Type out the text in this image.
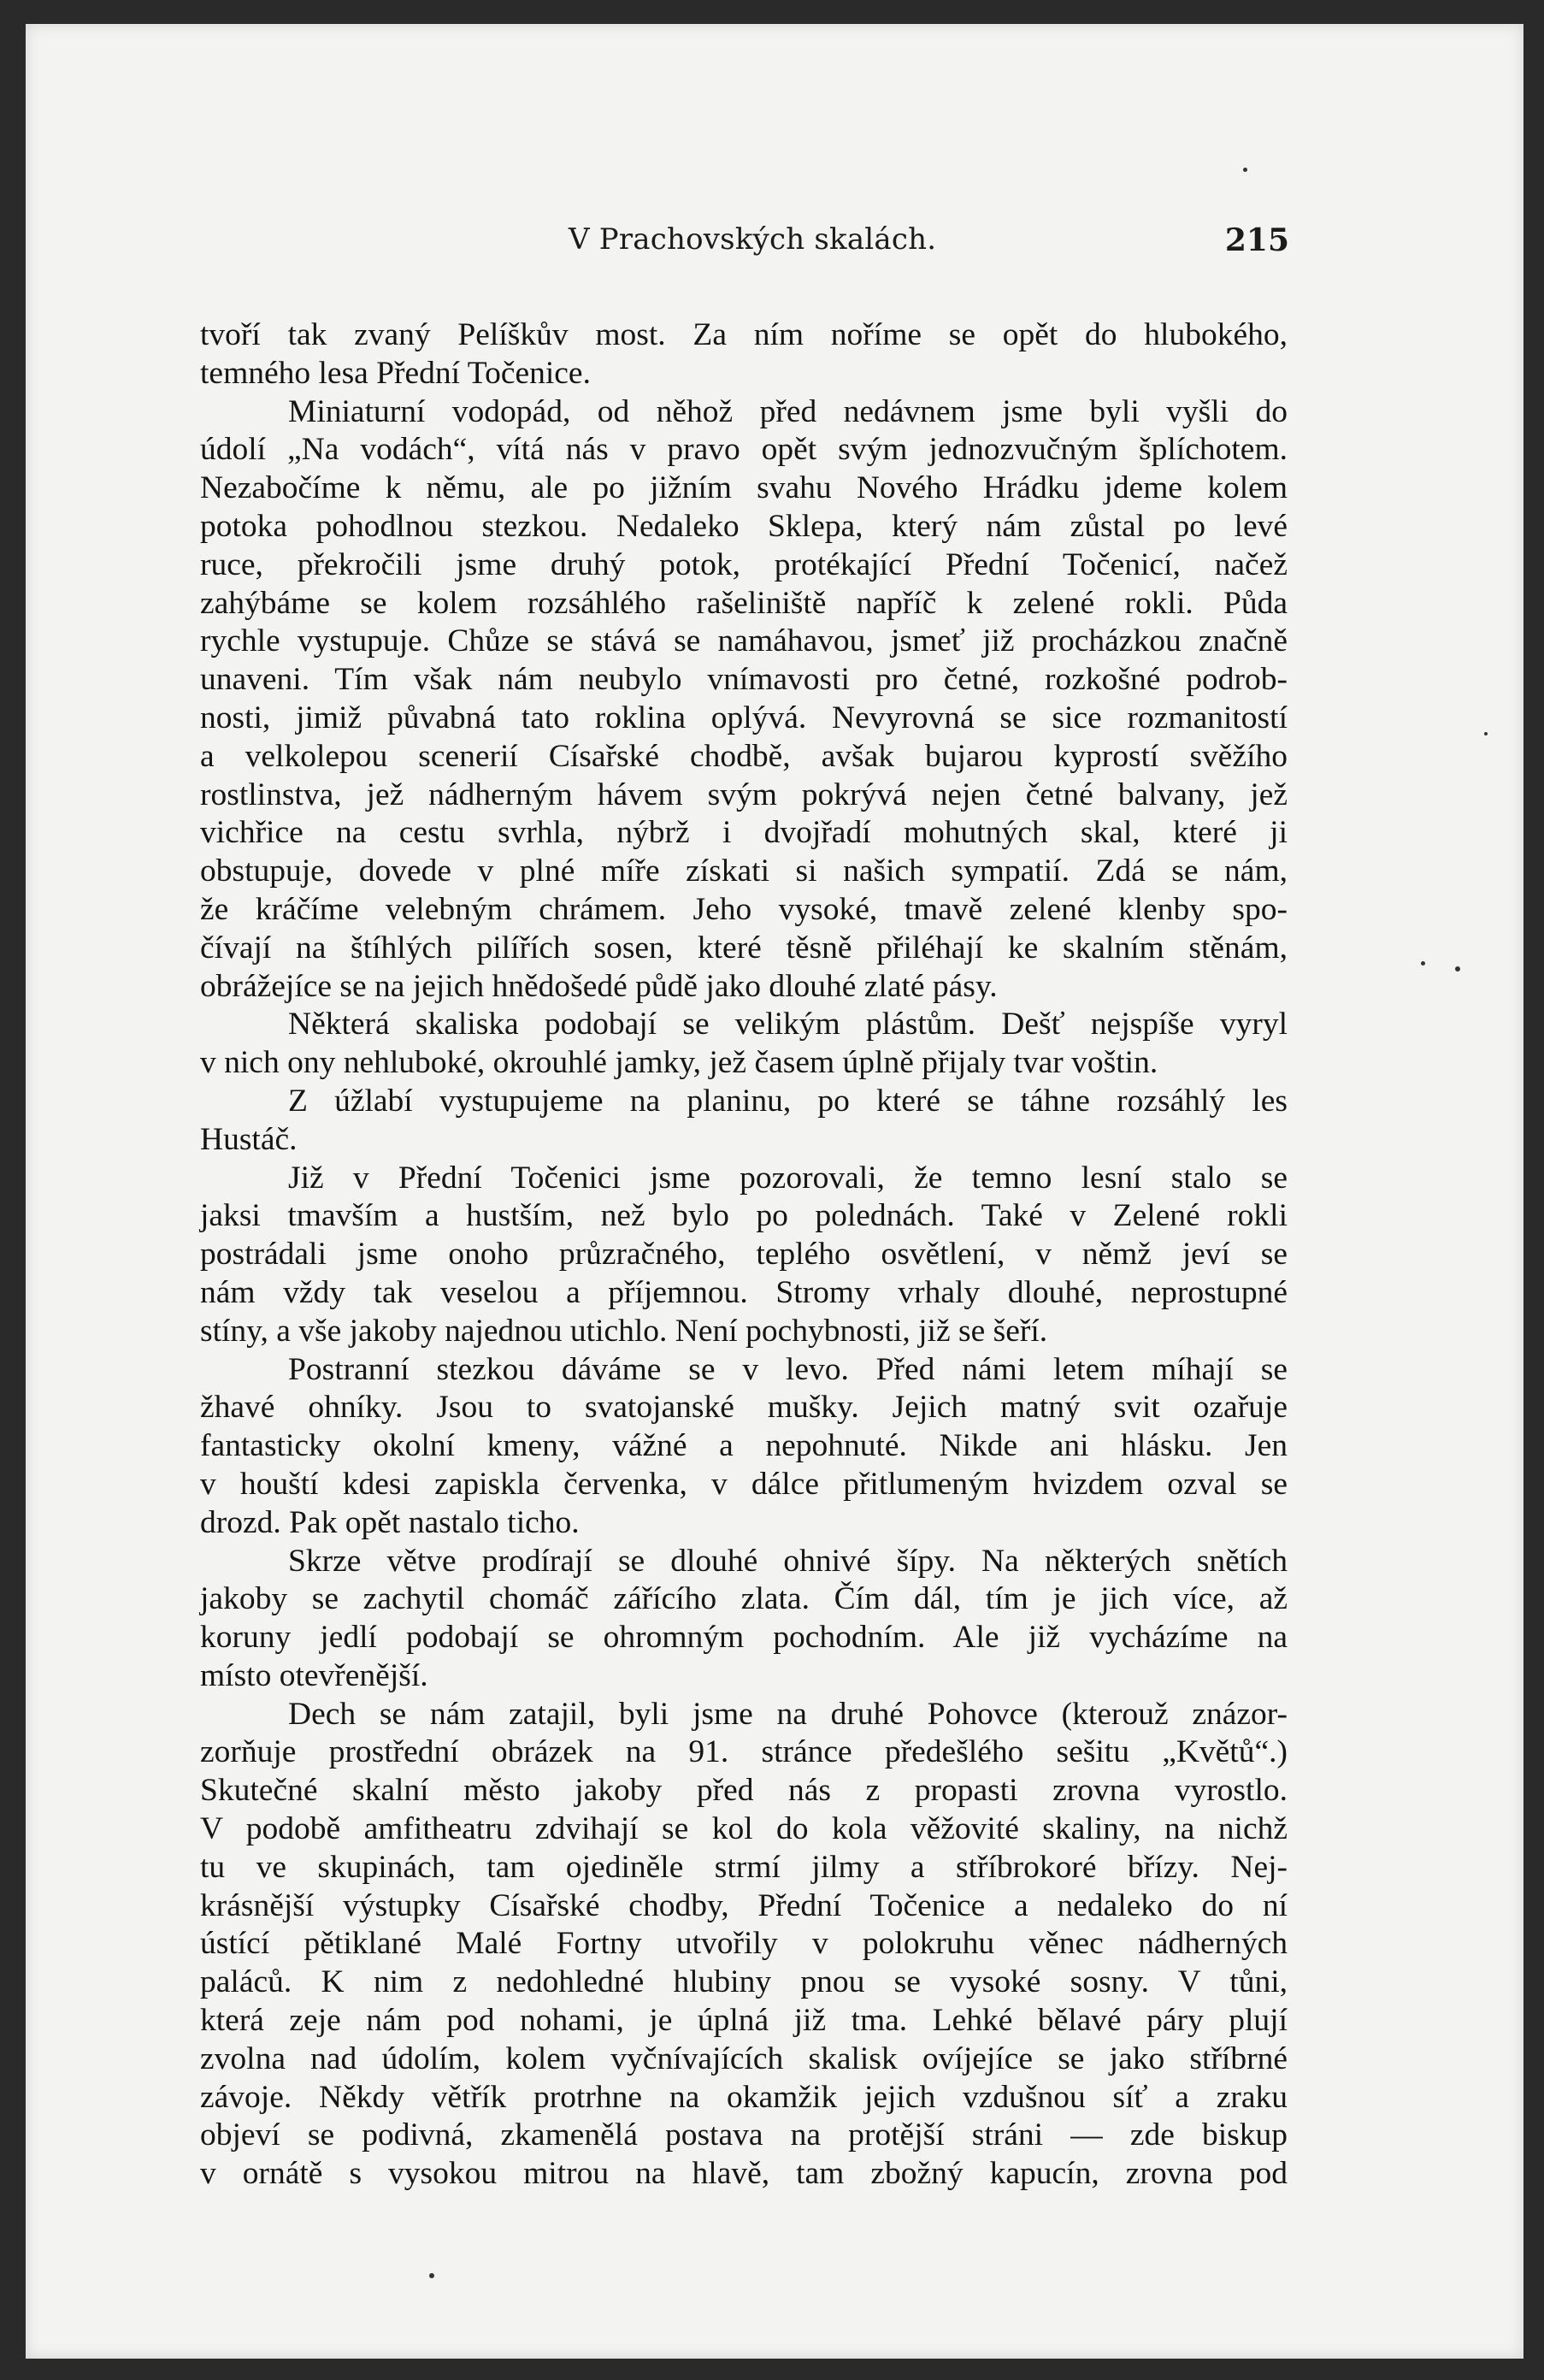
V Prachovských skalách.	215
tvoří tak zvaný Pelíškův most. Za ním noříme se opět do hlubokého,
temného lesa Přední Točenice.
Miniaturní vodopád, od něhož před nedávnem jsme byli vyšli do
údolí „Na vodách“, vítá nás v pravo opět svým jednozvučným šplíchotem.
Nezabočíme k němu, ale po jižním svahu Nového Hrádku jdeme kolem
potoka pohodlnou stezkou. Nedaleko Sklepa, který nám zůstal po levé
ruce, překročili jsme druhý potok, protékající Přední Točenicí, načež
zahýbáme se kolem rozsáhlého rašeliniště napříč k zelené rokli. Půda
rychle vystupuje. Chůze se stává se namáhavou, jsmeť již procházkou značně
unaveni. Tím však nám neubylo vnímavosti pro četné, rozkošné podrob-
nosti, jimiž půvabná tato roklina oplývá. Nevyrovná se sice rozmanitostí
a velkolepou scenerií Císařské chodbě, avšak bujarou kyprostí svěžího
rostlinstva, jež nádherným hávem svým pokrývá nejen četné balvany, jež
vichřice na cestu svrhla, nýbrž i dvojřadí mohutných skal, které ji
obstupuje, dovede v plné míře získati si našich sympatií. Zdá se nám,
že kráčíme velebným chrámem. Jeho vysoké, tmavě zelené klenby spo-
čívají na štíhlých pilířích sosen, které těsně přiléhají ke skalním stěnám,
obrážejíce se na jejich hnědošedé půdě jako dlouhé zlaté pásy.
Některá skaliska podobají se velikým plástům. Dešť nejspíše vyryl
v nich ony nehluboké, okrouhlé jamky, jež časem úplně přijaly tvar voštin.
Z úžlabí vystupujeme na planinu, po které se táhne rozsáhlý les
Hustáč.
Již v Přední Točenici jsme pozorovali, že temno lesní stalo se
jaksi tmavším a hustším, než bylo po polednách. Také v Zelené rokli
postrádali jsme onoho průzračného, teplého osvětlení, v němž jeví se
nám vždy tak veselou a příjemnou. Stromy vrhaly dlouhé, neprostupné
stíny, a vše jakoby najednou utichlo. Není pochybnosti, již se šeří.
Postranní stezkou dáváme se v levo. Před námi letem míhají se
žhavé ohníky. Jsou to svatojanské mušky. Jejich matný svit ozařuje
fantasticky okolní kmeny, vážné a nepohnuté. Nikde ani hlásku. Jen
v houští kdesi zapiskla červenka, v dálce přitlumeným hvizdem ozval se
drozd. Pak opět nastalo ticho.
Skrze větve prodírají se dlouhé ohnivé šípy. Na některých snětích
jakoby se zachytil chomáč zářícího zlata. Čím dál, tím je jich více, až
koruny jedlí podobají se ohromným pochodním. Ale již vycházíme na
místo otevřenější.
Dech se nám zatajil, byli jsme na druhé Pohovce (kterouž znázor-
zorňuje prostřední obrázek na 91. stránce předešlého sešitu „Květů“.)
Skutečné skalní město jakoby před nás z propasti zrovna vyrostlo.
V podobě amfitheatru zdvihají se kol do kola věžovité skaliny, na nichž
tu ve skupinách, tam ojediněle strmí jilmy a stříbrokoré břízy. Nej-
krásnější výstupky Císařské chodby, Přední Točenice a nedaleko do ní
ústící pětiklané Malé Fortny utvořily v polokruhu věnec nádherných
paláců. K nim z nedohledné hlubiny pnou se vysoké sosny. V tůni,
která zeje nám pod nohami, je úplná již tma. Lehké bělavé páry plují
zvolna nad údolím, kolem vyčnívajících skalisk ovíjejíce se jako stříbrné
závoje. Někdy větřík protrhne na okamžik jejich vzdušnou síť a zraku
objeví se podivná, zkamenělá postava na protější stráni — zde biskup
v ornátě s vysokou mitrou na hlavě, tam zbožný kapucín, zrovna pod
